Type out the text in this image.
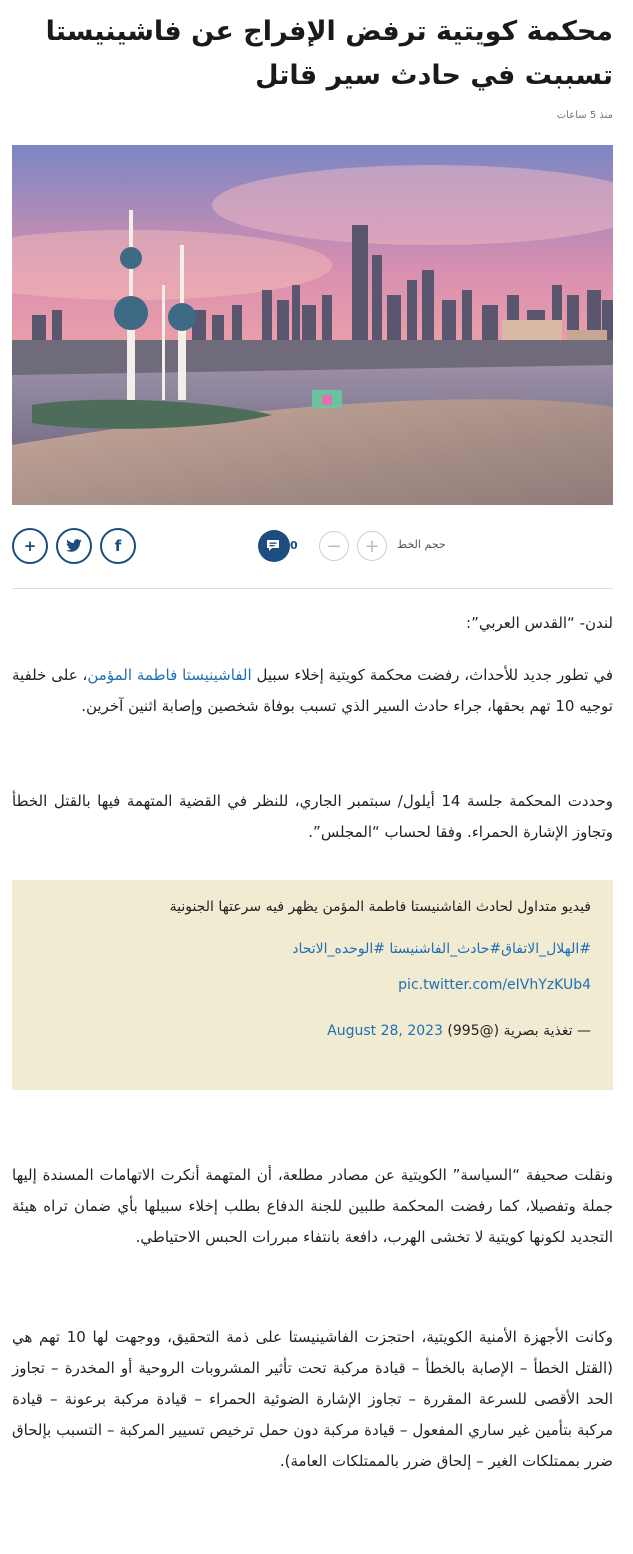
محكمة كويتية ترفض الإفراج عن فاشينيستا تسببت في حادث سير قاتل
منذ 5 ساعات
+	f	0	−	+	حجم الخط

لندن- “القدس العربي”:

في تطور جديد للأحداث، رفضت محكمة كويتية إخلاء سبيل الفاشينيستا فاطمة المؤمن، على خلفية توجيه 10 تهم بحقها، جراء حادث السير الذي تسبب بوفاة شخصين وإصابة اثنين آخرين.

وحددت المحكمة جلسة 14 أيلول/ سبتمبر الجاري، للنظر في القضية المتهمة فيها بالقتل الخطأ وتجاوز الإشارة الحمراء. وفقا لحساب “المجلس”.

فيديو متداول لحادث الفاشنيستا فاطمة المؤمن يظهر فيه سرعتها الجنونية

#الهلال_الاتفاق#حادث_الفاشنيستا #الوحده_الاتحاد

pic.twitter.com/eIVhYzKUb4

— تغذية بصرية (@995) August 28, 2023

ونقلت صحيفة “السياسة” الكويتية عن مصادر مطلعة، أن المتهمة أنكرت الاتهامات المسندة إليها جملة وتفصيلا، كما رفضت المحكمة طلبين للجنة الدفاع بطلب إخلاء سبيلها بأي ضمان تراه هيئة التجديد لكونها كويتية لا تخشى الهرب، دافعة بانتفاء مبررات الحبس الاحتياطي.

وكانت الأجهزة الأمنية الكويتية، احتجزت الفاشينيستا على ذمة التحقيق، ووجهت لها 10 تهم هي (القتل الخطأ – الإصابة بالخطأ – قيادة مركبة تحت تأثير المشروبات الروحية أو المخدرة – تجاوز الحد الأقصى للسرعة المقررة – تجاوز الإشارة الضوئية الحمراء – قيادة مركبة برعونة – قيادة مركبة بتأمين غير ساري المفعول – قيادة مركبة دون حمل ترخيص تسيير المركبة – التسبب بإلحاق ضرر بممتلكات الغير – إلحاق ضرر بالممتلكات العامة).
